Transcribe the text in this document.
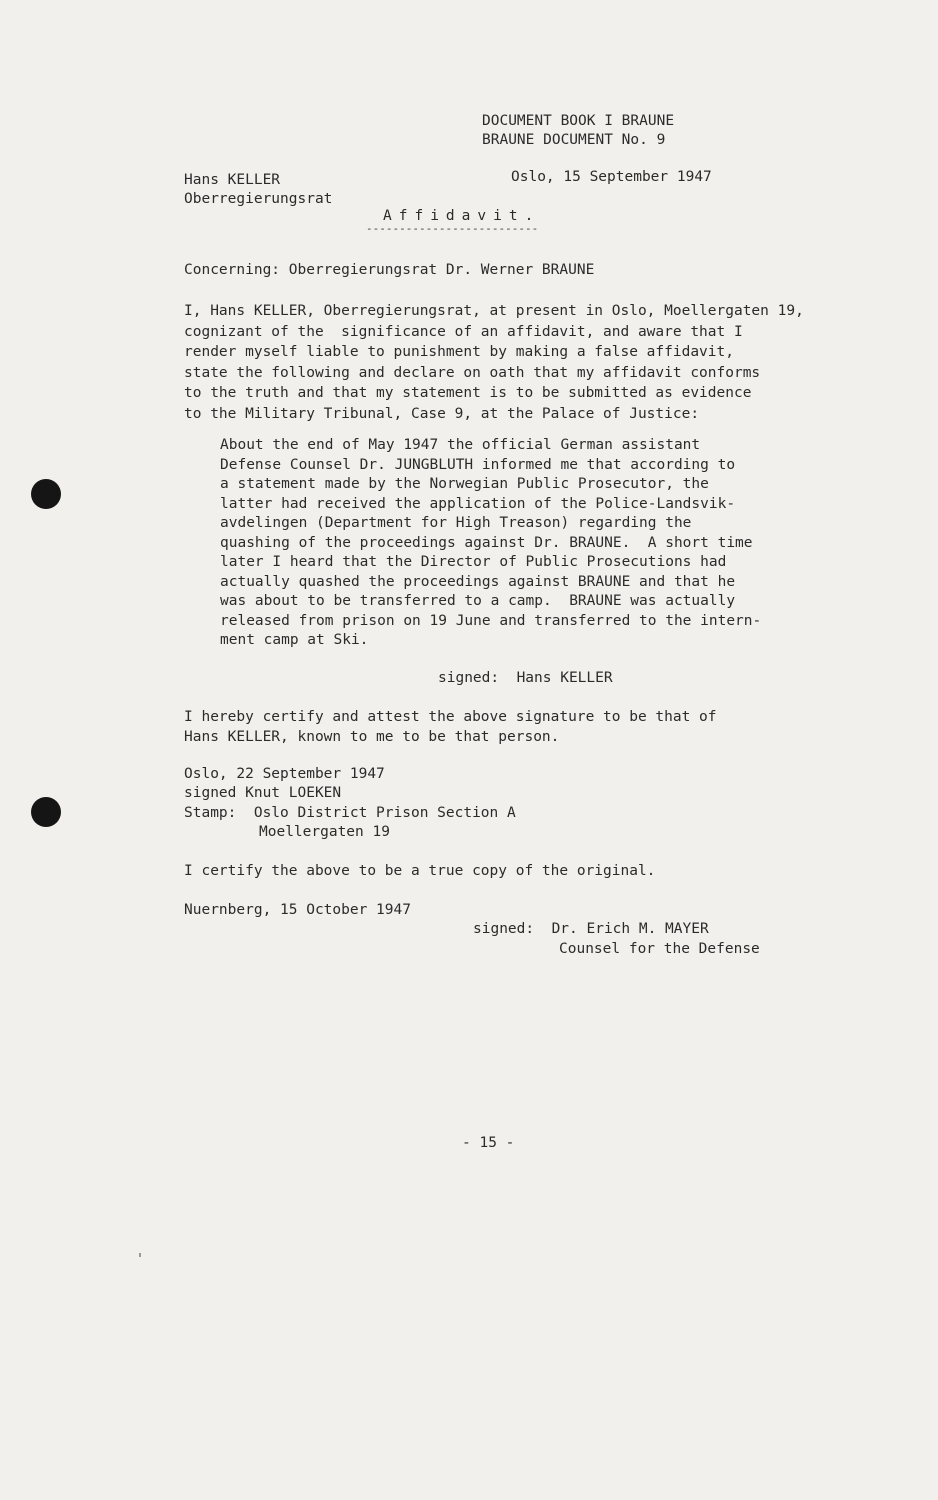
DOCUMENT BOOK I BRAUNE
BRAUNE DOCUMENT No. 9
Hans KELLER	Oslo, 15 September 1947
Oberregierungsrat
Affidavit.
--------------------------
Concerning: Oberregierungsrat Dr. Werner BRAUNE
I, Hans KELLER, Oberregierungsrat, at present in Oslo, Moellergaten 19,
cognizant of the  significance of an affidavit, and aware that I
render myself liable to punishment by making a false affidavit,
state the following and declare on oath that my affidavit conforms
to the truth and that my statement is to be submitted as evidence
to the Military Tribunal, Case 9, at the Palace of Justice:
About the end of May 1947 the official German assistant
Defense Counsel Dr. JUNGBLUTH informed me that according to
a statement made by the Norwegian Public Prosecutor, the
latter had received the application of the Police-Landsvik-
avdelingen (Department for High Treason) regarding the
quashing of the proceedings against Dr. BRAUNE.  A short time
later I heard that the Director of Public Prosecutions had
actually quashed the proceedings against BRAUNE and that he
was about to be transferred to a camp.  BRAUNE was actually
released from prison on 19 June and transferred to the intern-
ment camp at Ski.
signed:  Hans KELLER
I hereby certify and attest the above signature to be that of
Hans KELLER, known to me to be that person.
Oslo, 22 September 1947
signed Knut LOEKEN
Stamp:  Oslo District Prison Section A
Moellergaten 19
I certify the above to be a true copy of the original.
Nuernberg, 15 October 1947
signed:  Dr. Erich M. MAYER
Counsel for the Defense
- 15 -
